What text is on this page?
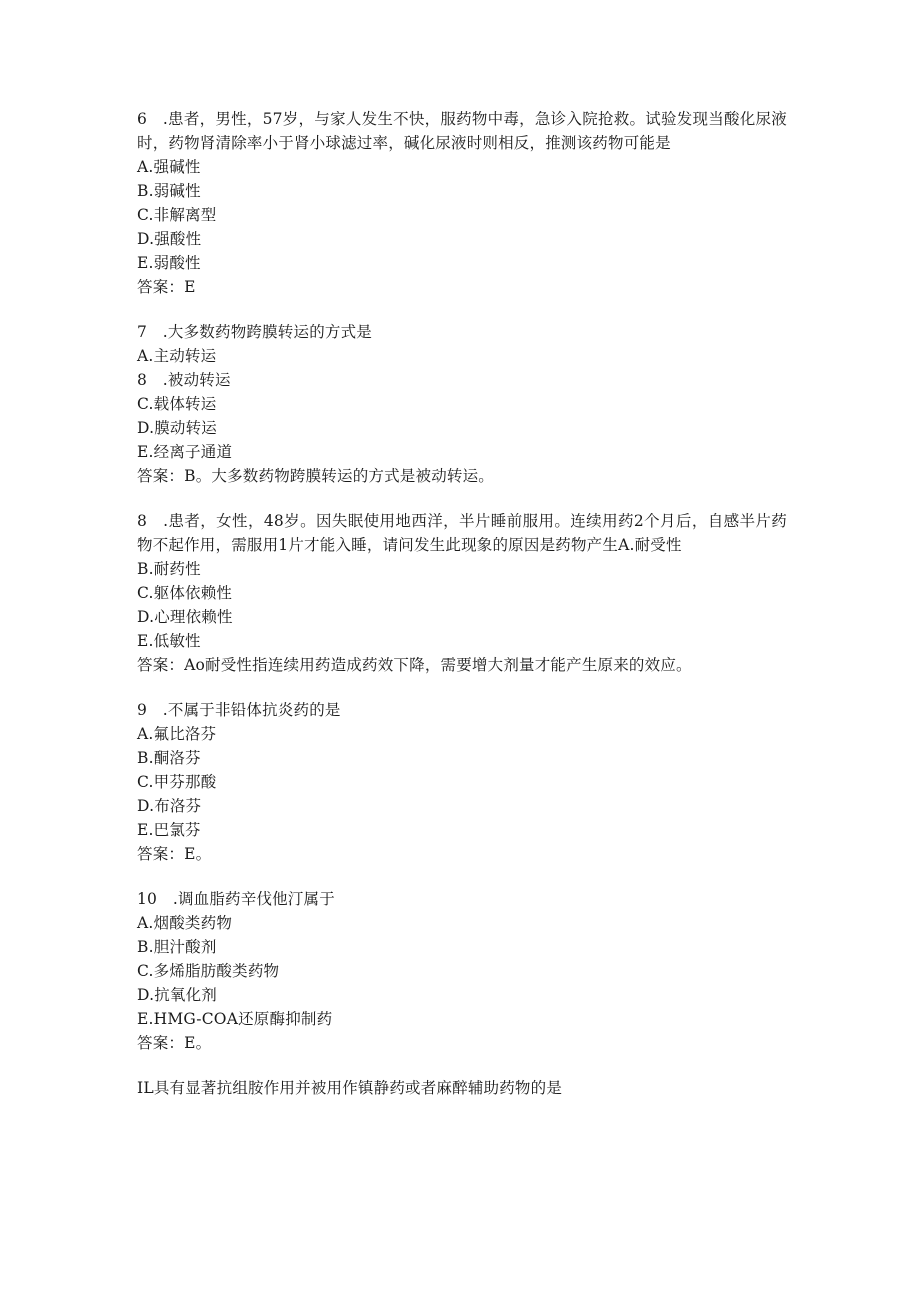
6　.患者，男性，57岁，与家人发生不快，服药物中毒，急诊入院抢救。试验发现当酸化尿液时，药物肾清除率小于肾小球滤过率，碱化尿液时则相反，推测该药物可能是
A.强碱性
B.弱碱性
C.非解离型
D.强酸性
E.弱酸性
答案：E
7　.大多数药物跨膜转运的方式是
A.主动转运
8　.被动转运
C.载体转运
D.膜动转运
E.经离子通道
答案：B。大多数药物跨膜转运的方式是被动转运。
8　.患者，女性，48岁。因失眠使用地西洋，半片睡前服用。连续用药2个月后，自感半片药物不起作用，需服用1片才能入睡，请问发生此现象的原因是药物产生A.耐受性
B.耐药性
C.躯体依赖性
D.心理依赖性
E.低敏性
答案：Ao耐受性指连续用药造成药效下降，需要增大剂量才能产生原来的效应。
9　.不属于非铅体抗炎药的是
A.氟比洛芬
B.酮洛芬
C.甲芬那酸
D.布洛芬
E.巴氯芬
答案：E。
10　.调血脂药辛伐他汀属于
A.烟酸类药物
B.胆汁酸剂
C.多烯脂肪酸类药物
D.抗氧化剂
E.HMG-COA还原酶抑制药
答案：E。
IL具有显著抗组胺作用并被用作镇静药或者麻醉辅助药物的是
